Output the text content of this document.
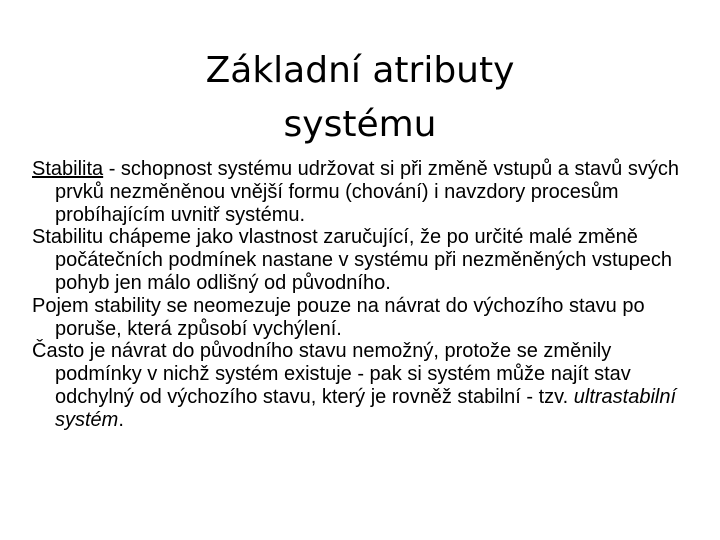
Základní atributy
systému

Stabilita - schopnost systému udržovat si při změně vstupů a stavů svých prvků nezměněnou vnější formu (chování) i navzdory procesům probíhajícím uvnitř systému.

Stabilitu chápeme jako vlastnost zaručující, že po určité malé změně počátečních podmínek nastane v systému při nezměněných vstupech pohyb jen málo odlišný od původního.

Pojem stability se neomezuje pouze na návrat do výchozího stavu po poruše, která způsobí vychýlení.

Často je návrat do původního stavu nemožný, protože se změnily podmínky v nichž systém existuje - pak si systém může najít stav odchylný od výchozího stavu, který je rovněž stabilní - tzv. ultrastabilní systém.
